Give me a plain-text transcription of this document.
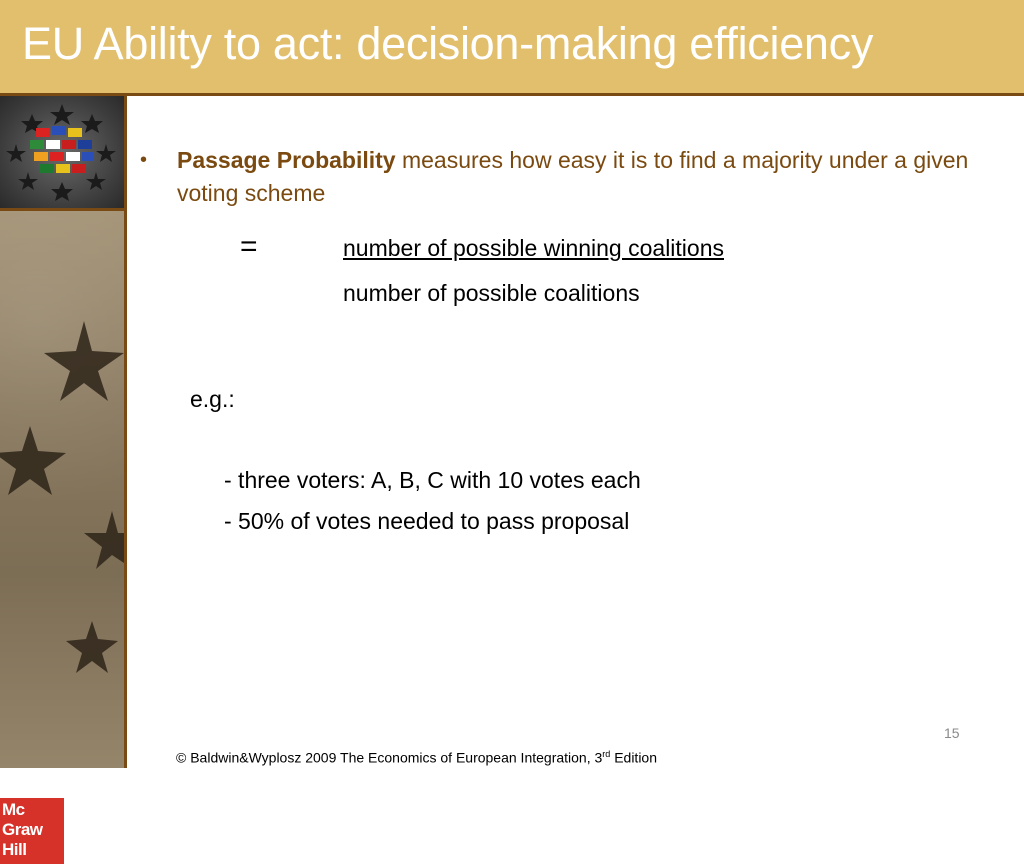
EU Ability to act: decision-making efficiency
Mc
Graw
Hill
• Passage Probability measures how easy it is to find a majority under a given voting scheme
=	number of possible winning coalitions
number of possible coalitions
e.g.:
- three voters: A, B, C with 10 votes each
- 50% of votes needed to pass proposal
15
© Baldwin&Wyplosz 2009 The Economics of European Integration, 3rd Edition
